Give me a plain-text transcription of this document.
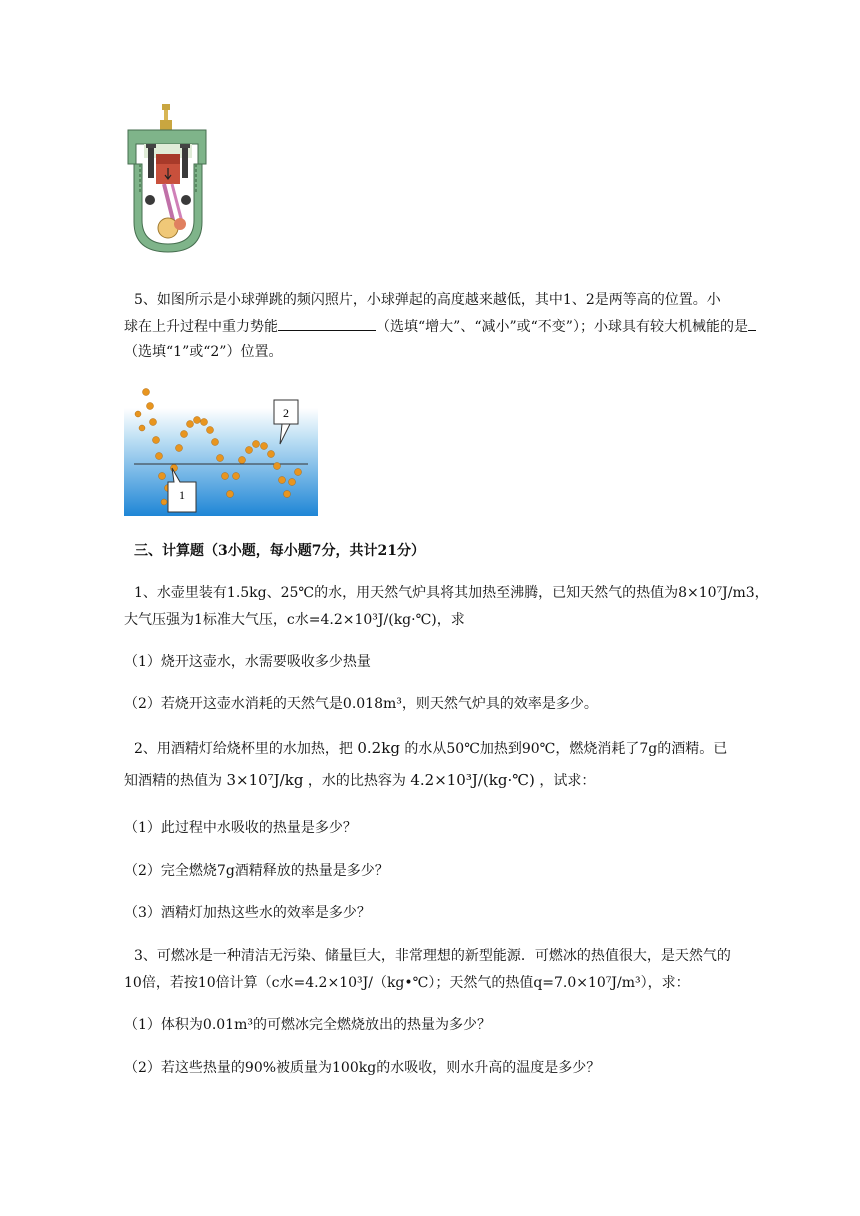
5、如图所示是小球弹跳的频闪照片，小球弹起的高度越来越低，其中1、2是两等高的位置。小
球在上升过程中重力势能	（选填“增大”、“减小”或“不变”）；小球具有较大机械能的是
（选填“1”或“2”）位置。
1
2
三、计算题（3小题，每小题7分，共计21分）
1、水壶里装有1.5kg、25℃的水，用天然气炉具将其加热至沸腾，已知天然气的热值为8×10⁷J/m3，
大气压强为1标准大气压，c水=4.2×10³J/(kg·℃)，求
（1）烧开这壶水，水需要吸收多少热量
（2）若烧开这壶水消耗的天然气是0.018m³，则天然气炉具的效率是多少。
2、用酒精灯给烧杯里的水加热，把 0.2kg 的水从50℃加热到90℃，燃烧消耗了7g的酒精。已
知酒精的热值为 3×10⁷J/kg ，水的比热容为 4.2×10³J/(kg·℃) ，试求：
（1）此过程中水吸收的热量是多少？
（2）完全燃烧7g酒精释放的热量是多少？
（3）酒精灯加热这些水的效率是多少？
3、可燃冰是一种清洁无污染、储量巨大，非常理想的新型能源．可燃冰的热值很大，是天然气的
10倍，若按10倍计算（c水=4.2×10³J/（kg•℃）；天然气的热值q=7.0×10⁷J/m³），求：
（1）体积为0.01m³的可燃冰完全燃烧放出的热量为多少？
（2）若这些热量的90%被质量为100kg的水吸收，则水升高的温度是多少？
